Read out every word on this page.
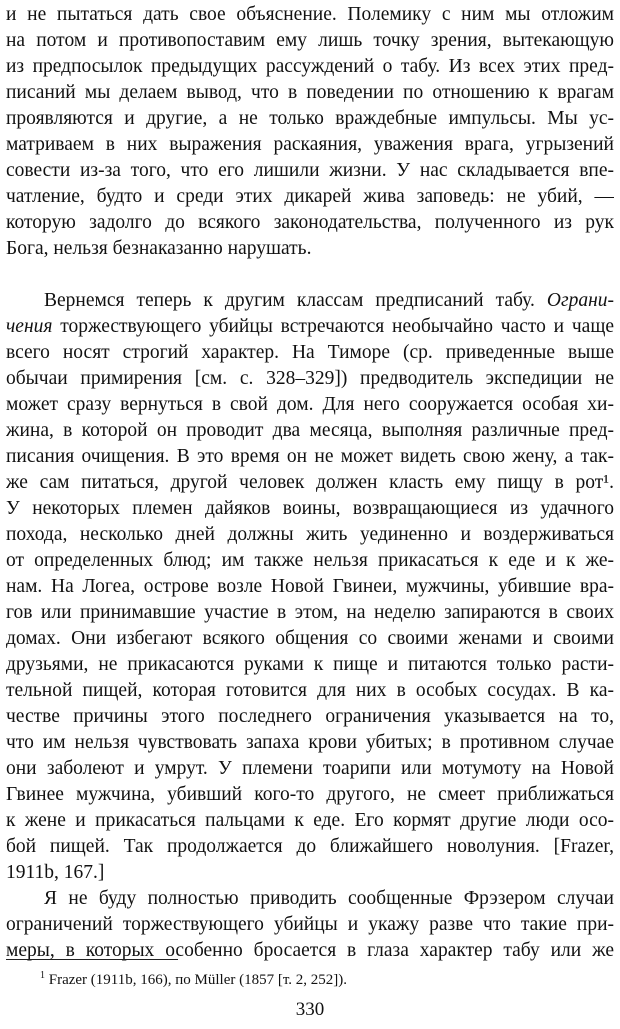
и не пытаться дать свое объяснение. Полемику с ним мы отложим
на потом и противопоставим ему лишь точку зрения, вытекающую
из предпосылок предыдущих рассуждений о табу. Из всех этих пред-
писаний мы делаем вывод, что в поведении по отношению к врагам
проявляются и другие, а не только враждебные импульсы. Мы ус-
матриваем в них выражения раскаяния, уважения врага, угрызений
совести из-за того, что его лишили жизни. У нас складывается впе-
чатление, будто и среди этих дикарей жива заповедь: не убий, —
которую задолго до всякого законодательства, полученного из рук
Бога, нельзя безнаказанно нарушать.
Вернемся теперь к другим классам предписаний табу. Ограни-
чения торжествующего убийцы встречаются необычайно часто и чаще
всего носят строгий характер. На Тиморе (ср. приведенные выше
обычаи примирения [см. с. 328–329]) предводитель экспедиции не
может сразу вернуться в свой дом. Для него сооружается особая хи-
жина, в которой он проводит два месяца, выполняя различные пред-
писания очищения. В это время он не может видеть свою жену, а так-
же сам питаться, другой человек должен класть ему пищу в рот¹.
У некоторых племен дайяков воины, возвращающиеся из удачного
похода, несколько дней должны жить уединенно и воздерживаться
от определенных блюд; им также нельзя прикасаться к еде и к же-
нам. На Логеа, острове возле Новой Гвинеи, мужчины, убившие вра-
гов или принимавшие участие в этом, на неделю запираются в своих
домах. Они избегают всякого общения со своими женами и своими
друзьями, не прикасаются руками к пище и питаются только расти-
тельной пищей, которая готовится для них в особых сосудах. В ка-
честве причины этого последнего ограничения указывается на то,
что им нельзя чувствовать запаха крови убитых; в противном случае
они заболеют и умрут. У племени тоарипи или мотумоту на Новой
Гвинее мужчина, убивший кого-то другого, не смеет приближаться
к жене и прикасаться пальцами к еде. Его кормят другие люди осо-
бой пищей. Так продолжается до ближайшего новолуния. [Frazer,
1911b, 167.]
Я не буду полностью приводить сообщенные Фрэзером случаи
ограничений торжествующего убийцы и укажу разве что такие при-
меры, в которых особенно бросается в глаза характер табу или же
$^1$ Frazer (1911b, 166), по Müller (1857 [т. 2, 252]).
330
